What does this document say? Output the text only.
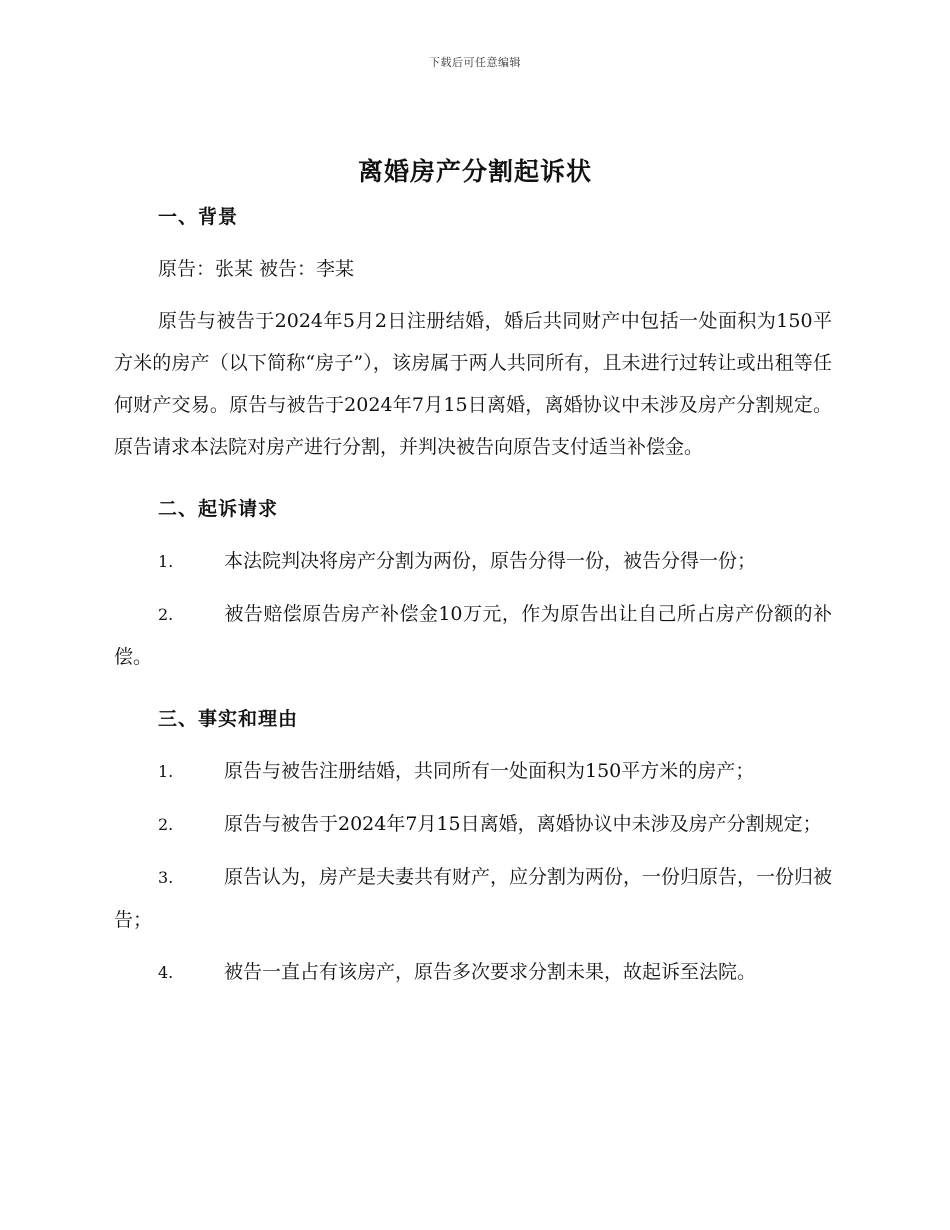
下载后可任意编辑
离婚房产分割起诉状
一、背景

原告：张某 被告：李某

原告与被告于2024年5月2日注册结婚，婚后共同财产中包括一处面积为150平方米的房产（以下简称“房子”），该房属于两人共同所有，且未进行过转让或出租等任何财产交易。原告与被告于2024年7月15日离婚，离婚协议中未涉及房产分割规定。原告请求本法院对房产进行分割，并判决被告向原告支付适当补偿金。

二、起诉请求

1.	本法院判决将房产分割为两份，原告分得一份，被告分得一份；

2.	被告赔偿原告房产补偿金10万元，作为原告出让自己所占房产份额的补偿。

三、事实和理由

1.	原告与被告注册结婚，共同所有一处面积为150平方米的房产；

2.	原告与被告于2024年7月15日离婚，离婚协议中未涉及房产分割规定；

3.	原告认为，房产是夫妻共有财产，应分割为两份，一份归原告，一份归被告；

4.	被告一直占有该房产，原告多次要求分割未果，故起诉至法院。
